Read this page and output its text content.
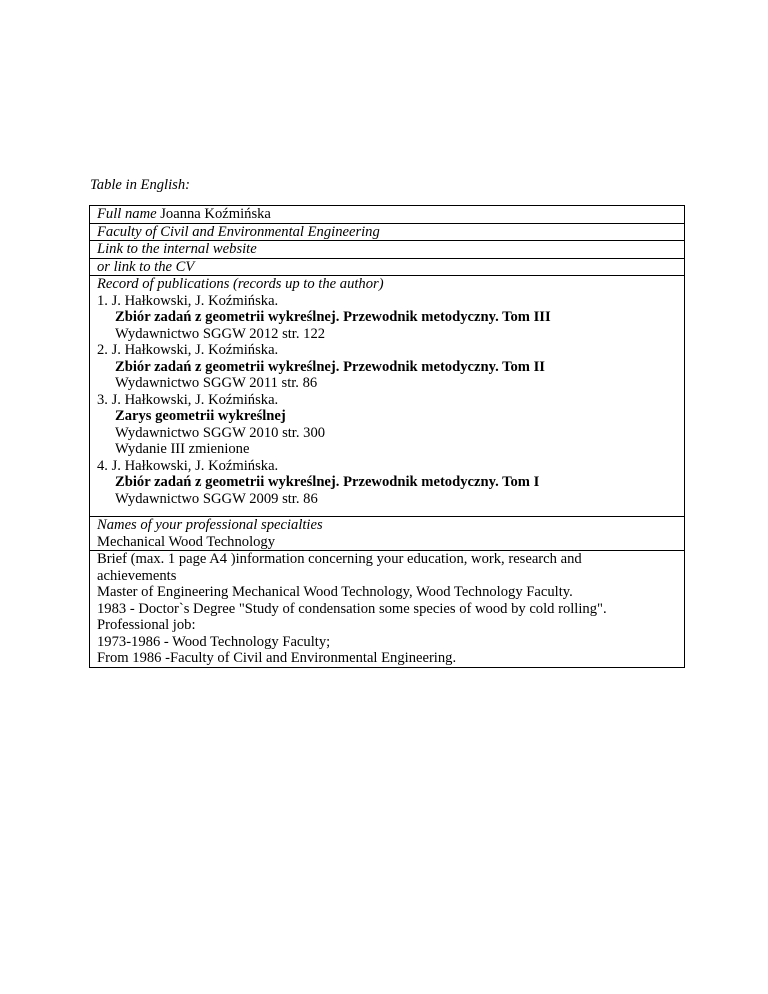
Table in English:

Full name Joanna Koźmińska
Faculty of Civil and Environmental Engineering
Link to the internal website
or link to the CV

Record of publications (records up to the author)
1. J. Hałkowski, J. Koźmińska.
Zbiór zadań z geometrii wykreślnej. Przewodnik metodyczny. Tom III
Wydawnictwo SGGW 2012 str. 122
2. J. Hałkowski, J. Koźmińska.
Zbiór zadań z geometrii wykreślnej. Przewodnik metodyczny. Tom II
Wydawnictwo SGGW 2011 str. 86
3. J. Hałkowski, J. Koźmińska.
Zarys geometrii wykreślnej
Wydawnictwo SGGW 2010 str. 300
Wydanie III zmienione
4. J. Hałkowski, J. Koźmińska.
Zbiór zadań z geometrii wykreślnej. Przewodnik metodyczny. Tom I
Wydawnictwo SGGW 2009 str. 86

Names of your professional specialties
Mechanical Wood Technology

Brief (max. 1 page A4 )information concerning your education, work, research and
achievements
Master of Engineering Mechanical Wood Technology, Wood Technology Faculty.
1983 - Doctor`s Degree "Study of condensation some species of wood by cold rolling".
Professional job:
1973-1986 - Wood Technology Faculty;
From 1986 -Faculty of Civil and Environmental Engineering.
